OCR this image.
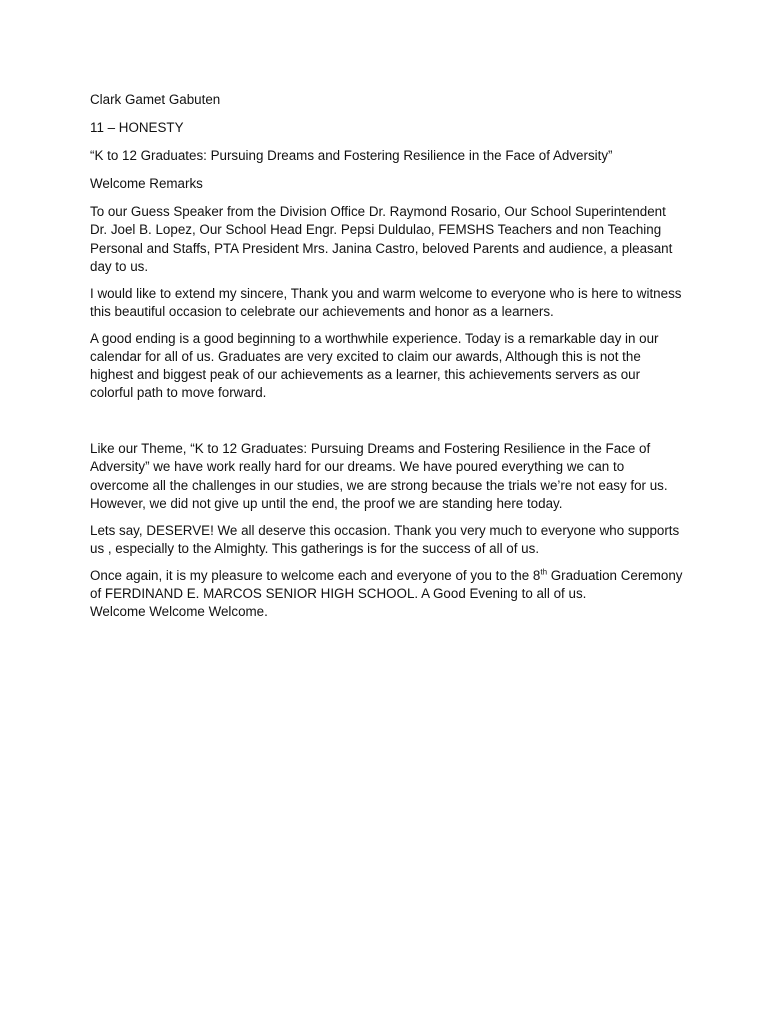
Clark Gamet Gabuten

11 – HONESTY

“K to 12 Graduates: Pursuing Dreams and Fostering Resilience in the Face of Adversity”

Welcome Remarks

To our Guess Speaker from the Division Office Dr. Raymond Rosario, Our School Superintendent Dr. Joel B. Lopez, Our School Head Engr. Pepsi Duldulao, FEMSHS Teachers and non Teaching Personal and Staffs, PTA President Mrs. Janina Castro, beloved Parents and audience, a pleasant day to us.

I would like to extend my sincere, Thank you and warm welcome to everyone who is here to witness this beautiful occasion to celebrate our achievements and honor as a learners.

A good ending is a good beginning to a worthwhile experience. Today is a remarkable day in our calendar for all of us. Graduates are very excited to claim our awards, Although this is not the highest and biggest peak of our achievements as a learner, this achievements servers as our colorful path to move forward.

Like our Theme, “K to 12 Graduates: Pursuing Dreams and Fostering Resilience in the Face of Adversity” we have work really hard for our dreams. We have poured everything we can to overcome all the challenges in our studies, we are strong because the trials we’re not easy for us. However, we did not give up until the end, the proof we are standing here today.

Lets say, DESERVE! We all deserve this occasion. Thank you very much to everyone who supports us , especially to the Almighty. This gatherings is for the success of all of us.

Once again, it is my pleasure to welcome each and everyone of you to the 8th Graduation Ceremony of FERDINAND E. MARCOS SENIOR HIGH SCHOOL. A Good Evening to all of us.

Welcome Welcome Welcome.
